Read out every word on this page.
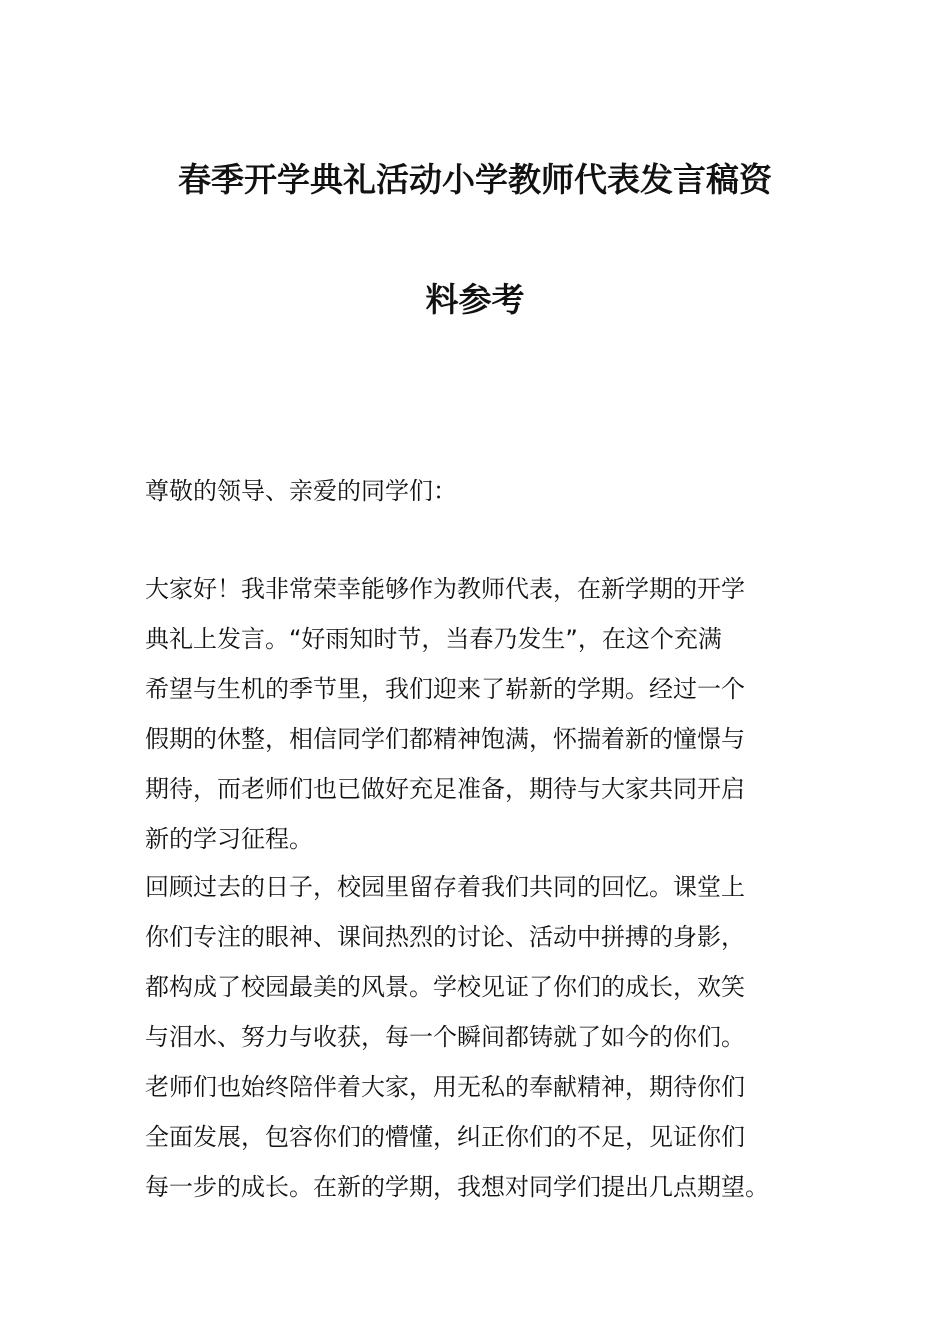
春季开学典礼活动小学教师代表发言稿资
料参考
尊敬的领导、亲爱的同学们：
大家好！我非常荣幸能够作为教师代表，在新学期的开学
典礼上发言。“好雨知时节，当春乃发生”，在这个充满
希望与生机的季节里，我们迎来了崭新的学期。经过一个
假期的休整，相信同学们都精神饱满，怀揣着新的憧憬与
期待，而老师们也已做好充足准备，期待与大家共同开启
新的学习征程。
回顾过去的日子，校园里留存着我们共同的回忆。课堂上
你们专注的眼神、课间热烈的讨论、活动中拼搏的身影，
都构成了校园最美的风景。学校见证了你们的成长，欢笑
与泪水、努力与收获，每一个瞬间都铸就了如今的你们。
老师们也始终陪伴着大家，用无私的奉献精神，期待你们
全面发展，包容你们的懵懂，纠正你们的不足，见证你们
每一步的成长。在新的学期，我想对同学们提出几点期望。
